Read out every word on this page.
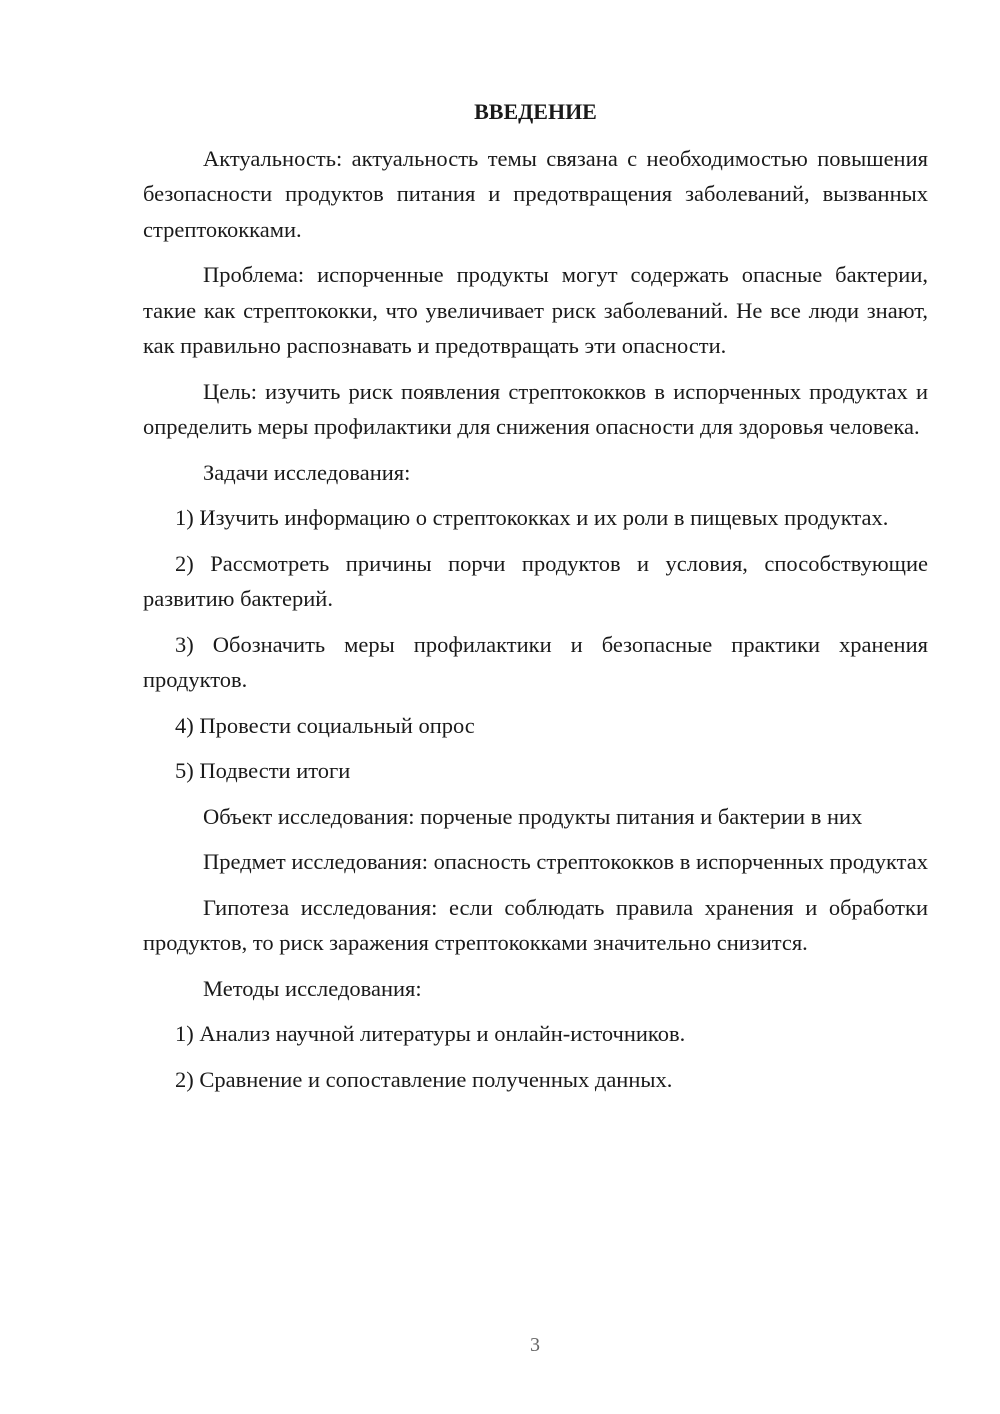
ВВЕДЕНИЕ

Актуальность: актуальность темы связана с необходимостью повышения безопасности продуктов питания и предотвращения заболеваний, вызванных стрептококками.

Проблема: испорченные продукты могут содержать опасные бактерии, такие как стрептококки, что увеличивает риск заболеваний. Не все люди знают, как правильно распознавать и предотвращать эти опасности.

Цель: изучить риск появления стрептококков в испорченных продуктах и определить меры профилактики для снижения опасности для здоровья человека.

Задачи исследования:

1) Изучить информацию о стрептококках и их роли в пищевых продуктах.

2) Рассмотреть причины порчи продуктов и условия, способствующие развитию бактерий.

3) Обозначить меры профилактики и безопасные практики хранения продуктов.

4) Провести социальный опрос

5) Подвести итоги

Объект исследования: порченые продукты питания и бактерии в них

Предмет исследования: опасность стрептококков в испорченных продуктах

Гипотеза исследования: если соблюдать правила хранения и обработки продуктов, то риск заражения стрептококками значительно снизится.

Методы исследования:

1) Анализ научной литературы и онлайн-источников.

2) Сравнение и сопоставление полученных данных.

3
